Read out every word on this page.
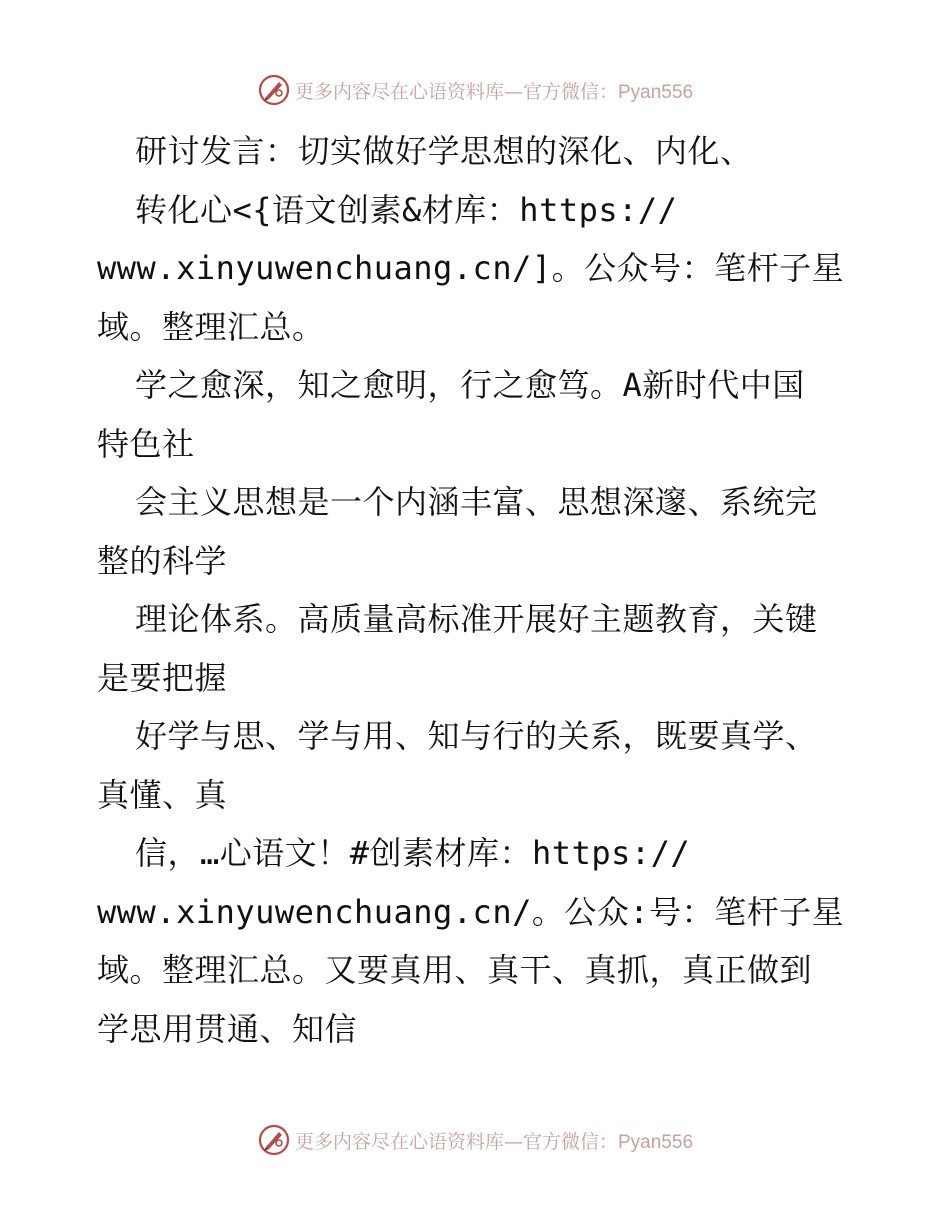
更多内容尽在心语资料库—官方微信：Pyan556
研讨发言：切实做好学思想的深化、内化、
转化心<{语文创素&材库：https://
www.xinyuwenchuang.cn/]。公众号：笔杆子星
域。整理汇总。
学之愈深，知之愈明，行之愈笃。A新时代中国
特色社
会主义思想是一个内涵丰富、思想深邃、系统完
整的科学
理论体系。高质量高标准开展好主题教育，关键
是要把握
好学与思、学与用、知与行的关系，既要真学、
真懂、真
信，…心语文！#创素材库：https://
www.xinyuwenchuang.cn/。公众:号：笔杆子星
域。整理汇总。又要真用、真干、真抓，真正做到
学思用贯通、知信
更多内容尽在心语资料库—官方微信：Pyan556
